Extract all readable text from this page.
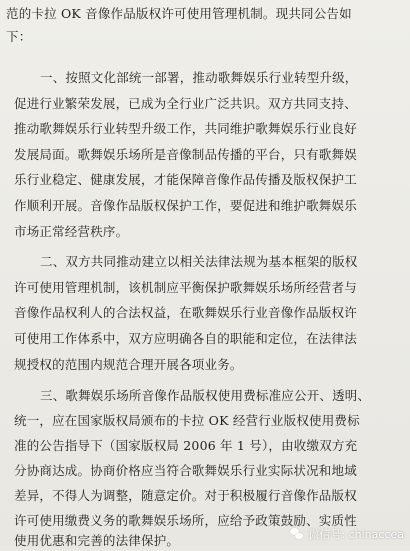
范的卡拉 OK 音像作品版权许可使用管理机制。现共同公告如
下：
一、按照文化部统一部署，推动歌舞娱乐行业转型升级，
促进行业繁荣发展，已成为全行业广泛共识。双方共同支持、
推动歌舞娱乐行业转型升级工作，共同维护歌舞娱乐行业良好
发展局面。歌舞娱乐场所是音像制品传播的平台，只有歌舞娱
乐行业稳定、健康发展，才能保障音像作品传播及版权保护工
作顺利开展。音像作品版权保护工作，要促进和维护歌舞娱乐
市场正常经营秩序。
二、双方共同推动建立以相关法律法规为基本框架的版权
许可使用管理机制，该机制应平衡保护歌舞娱乐场所经营者与
音像作品权利人的合法权益，在歌舞娱乐行业音像作品版权许
可使用工作体系中，双方应明确各自的职能和定位，在法律法
规授权的范围内规范合理开展各项业务。
三、歌舞娱乐场所音像作品版权使用费标准应公开、透明、
统一，应在国家版权局颁布的卡拉 OK 经营行业版权使用费标
准的公告指导下（国家版权局 2006 年 1 号），由收缴双方充
分协商达成。协商价格应当符合歌舞娱乐行业实际状况和地域
差异，不得人为调整，随意定价。对于积极履行音像作品版权
许可使用缴费义务的歌舞娱乐场所，应给予政策鼓励、实质性
使用优惠和完善的法律保护。	微信号: chinaccea
